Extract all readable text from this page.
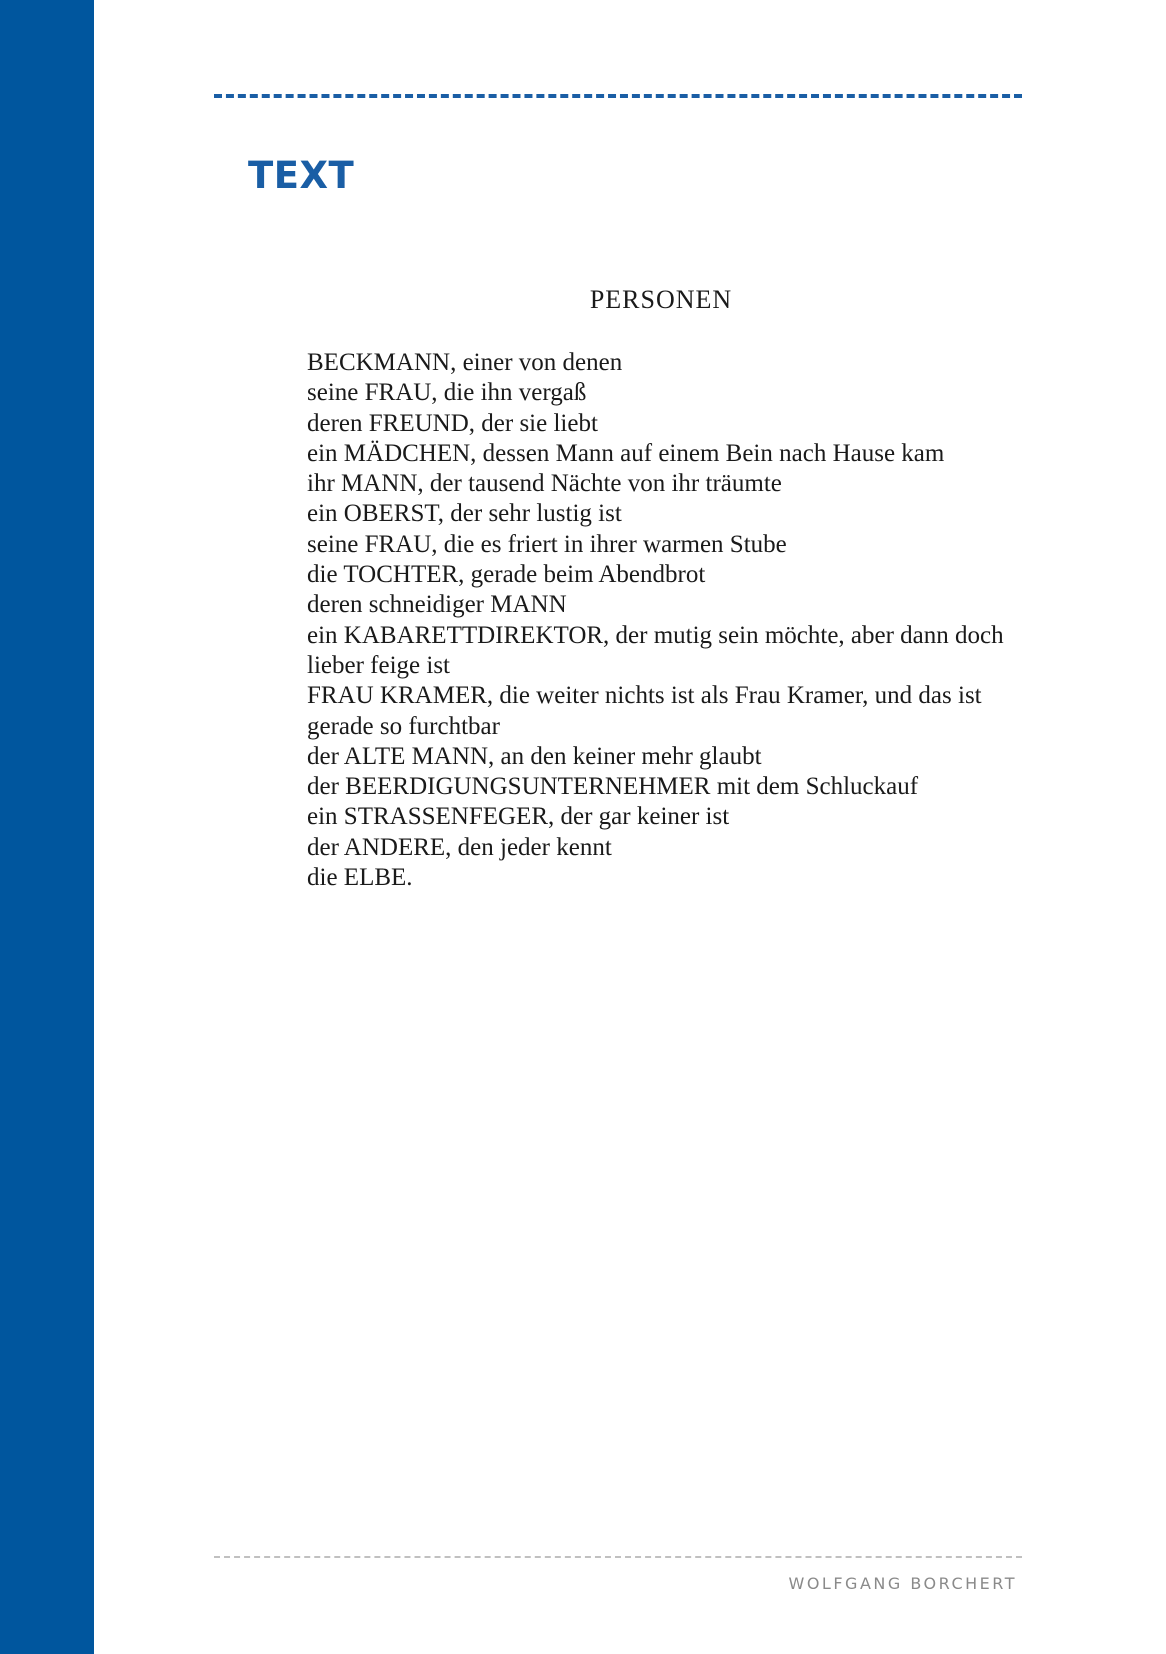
TEXT
PERSONEN
BECKMANN, einer von denen
seine FRAU, die ihn vergaß
deren FREUND, der sie liebt
ein MÄDCHEN, dessen Mann auf einem Bein nach Hause kam
ihr MANN, der tausend Nächte von ihr träumte
ein OBERST, der sehr lustig ist
seine FRAU, die es friert in ihrer warmen Stube
die TOCHTER, gerade beim Abendbrot
deren schneidiger MANN
ein KABARETTDIREKTOR, der mutig sein möchte, aber dann doch lieber feige ist
FRAU KRAMER, die weiter nichts ist als Frau Kramer, und das ist gerade so furchtbar
der ALTE MANN, an den keiner mehr glaubt
der BEERDIGUNGSUNTERNEHMER mit dem Schluckauf
ein STRASSENFEGER, der gar keiner ist
der ANDERE, den jeder kennt
die ELBE.

WOLFGANG BORCHERT
